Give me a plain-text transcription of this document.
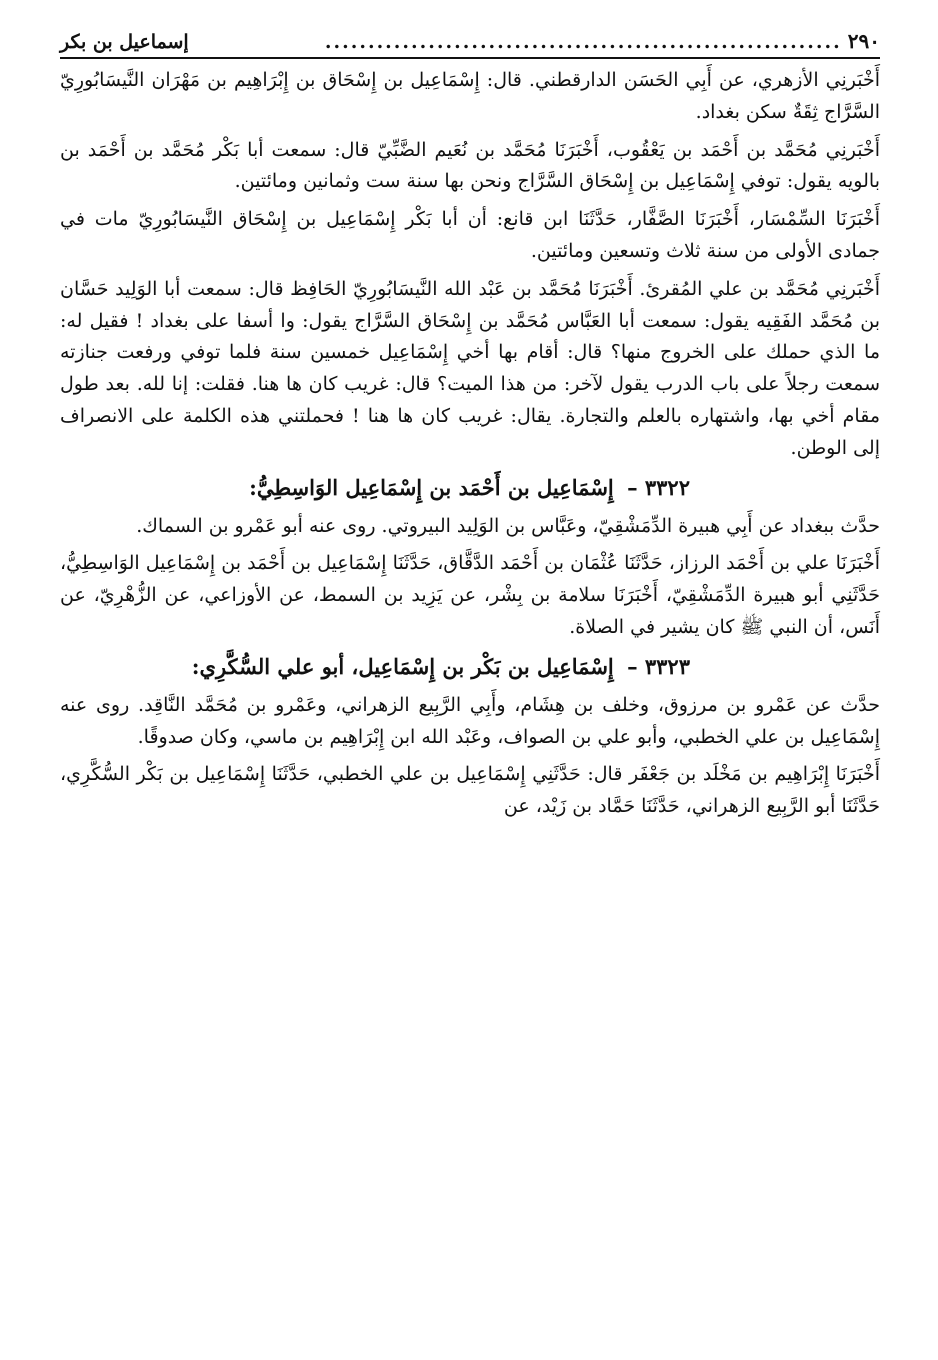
٢٩٠
............................................................
إسماعيل بن بكر

أَخْبَرنِي الأزهري، عن أَبِي الحَسَن الدارقطني. قال: إِسْمَاعِيل بن إِسْحَاق بن إِبْرَاهِيم بن مَهْرَان النَّيسَابُورِيّ السَّرَّاج ثِقَةٌ سكن بغداد.

أَخْبَرنِي مُحَمَّد بن أَحْمَد بن يَعْقُوب، أَخْبَرَنَا مُحَمَّد بن نُعَيم الضَّبِّيّ قال: سمعت أبا بَكْر مُحَمَّد بن أَحْمَد بن بالويه يقول: توفي إِسْمَاعِيل بن إِسْحَاق السَّرَّاج ونحن بها سنة ست وثمانين ومائتين.

أَخْبَرَنَا السِّمْسَار، أَخْبَرَنَا الصَّفَّار، حَدَّثَنَا ابن قانع: أن أبا بَكْر إِسْمَاعِيل بن إِسْحَاق النَّيسَابُورِيّ مات في جمادى الأولى من سنة ثلاث وتسعين ومائتين.

أَخْبَرنِي مُحَمَّد بن علي المُقرئ. أَخْبَرَنَا مُحَمَّد بن عَبْد الله النَّيسَابُورِيّ الحَافِظ قال: سمعت أبا الوَلِيد حَسَّان بن مُحَمَّد الفَقِيه يقول: سمعت أبا العَبَّاس مُحَمَّد بن إِسْحَاق السَّرَّاج يقول: وا أسفا على بغداد ! فقيل له: ما الذي حملك على الخروج منها؟ قال: أقام بها أخي إِسْمَاعِيل خمسين سنة فلما توفي ورفعت جنازته سمعت رجلاً على باب الدرب يقول لآخر: من هذا الميت؟ قال: غريب كان ها هنا. فقلت: إنا لله. بعد طول مقام أخي بها، واشتهاره بالعلم والتجارة. يقال: غريب كان ها هنا ! فحملتني هذه الكلمة على الانصراف إلى الوطن.

٣٣٢٢ – إِسْمَاعِيل بن أَحْمَد بن إِسْمَاعِيل الوَاسِطِيُّ:

حدَّث ببغداد عن أَبِي هبيرة الدِّمَشْقِيّ، وعَبَّاس بن الوَلِيد البيروتي. روى عنه أبو عَمْرو بن السماك.

أَخْبَرَنَا علي بن أَحْمَد الرزاز، حَدَّثَنَا عُثْمَان بن أَحْمَد الدَّقَّاق، حَدَّثَنَا إِسْمَاعِيل بن أَحْمَد بن إِسْمَاعِيل الوَاسِطِيُّ، حَدَّثَنِي أبو هبيرة الدِّمَشْقِيّ، أَخْبَرَنَا سلامة بن بِشْر، عن يَزِيد بن السمط، عن الأوزاعي، عن الزُّهْرِيّ، عن أَنَس، أن النبي ﷺ كان يشير في الصلاة.

٣٣٢٣ – إِسْمَاعِيل بن بَكْر بن إِسْمَاعِيل، أبو علي السُّكَّرِي:

حدَّث عن عَمْرو بن مرزوق، وخلف بن هِشَام، وأَبِي الرَّبِيع الزهراني، وعَمْرو بن مُحَمَّد النَّاقِد. روى عنه إِسْمَاعِيل بن علي الخطبي، وأبو علي بن الصواف، وعَبْد الله ابن إِبْرَاهِيم بن ماسي، وكان صدوقًا.

أَخْبَرَنَا إِبْرَاهِيم بن مَخْلَد بن جَعْفَر قال: حَدَّثَنِي إِسْمَاعِيل بن علي الخطبي، حَدَّثَنَا إِسْمَاعِيل بن بَكْر السُّكَّرِي، حَدَّثَنَا أبو الرَّبِيع الزهراني، حَدَّثَنَا حَمَّاد بن زَيْد، عن
